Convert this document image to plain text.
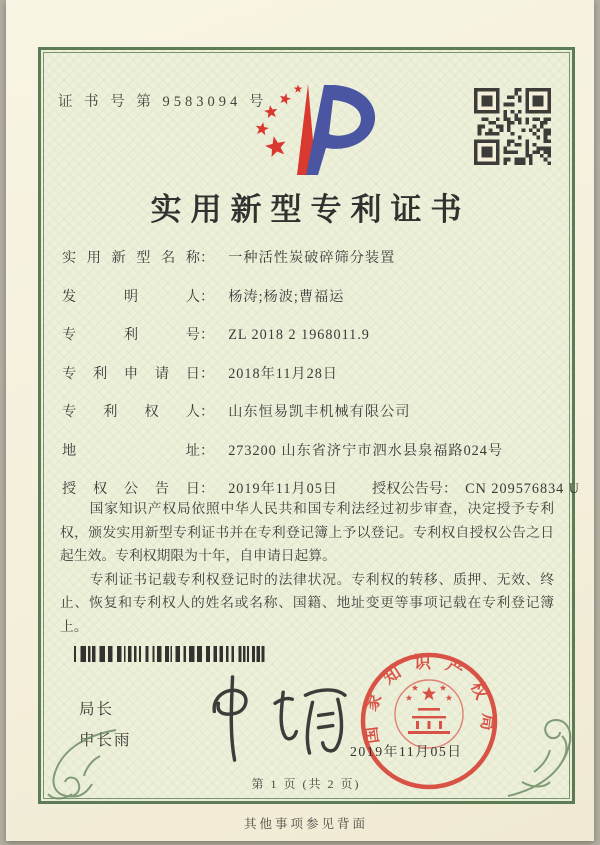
证 书 号 第 9583094 号
实用新型专利证书
实用新型名称： 一种活性炭破碎筛分装置
发明人： 杨涛;杨波;曹福运
专利号： ZL 2018 2 1968011.9
专利申请日： 2018年11月28日
专利权人： 山东恒易凯丰机械有限公司
地址： 273200 山东省济宁市泗水县泉福路024号
授权公告日： 2019年11月05日 授权公告号： CN 209576834 U

国家知识产权局依照中华人民共和国专利法经过初步审查，决定授予专利权，颁发实用新型专利证书并在专利登记簿上予以登记。专利权自授权公告之日起生效。专利权期限为十年，自申请日起算。

专利证书记载专利权登记时的法律状况。专利权的转移、质押、无效、终止、恢复和专利权人的姓名或名称、国籍、地址变更等事项记载在专利登记簿上。

局长
申长雨	国家知识产权局
2019年11月05日
第 1 页 (共 2 页)
其他事项参见背面
